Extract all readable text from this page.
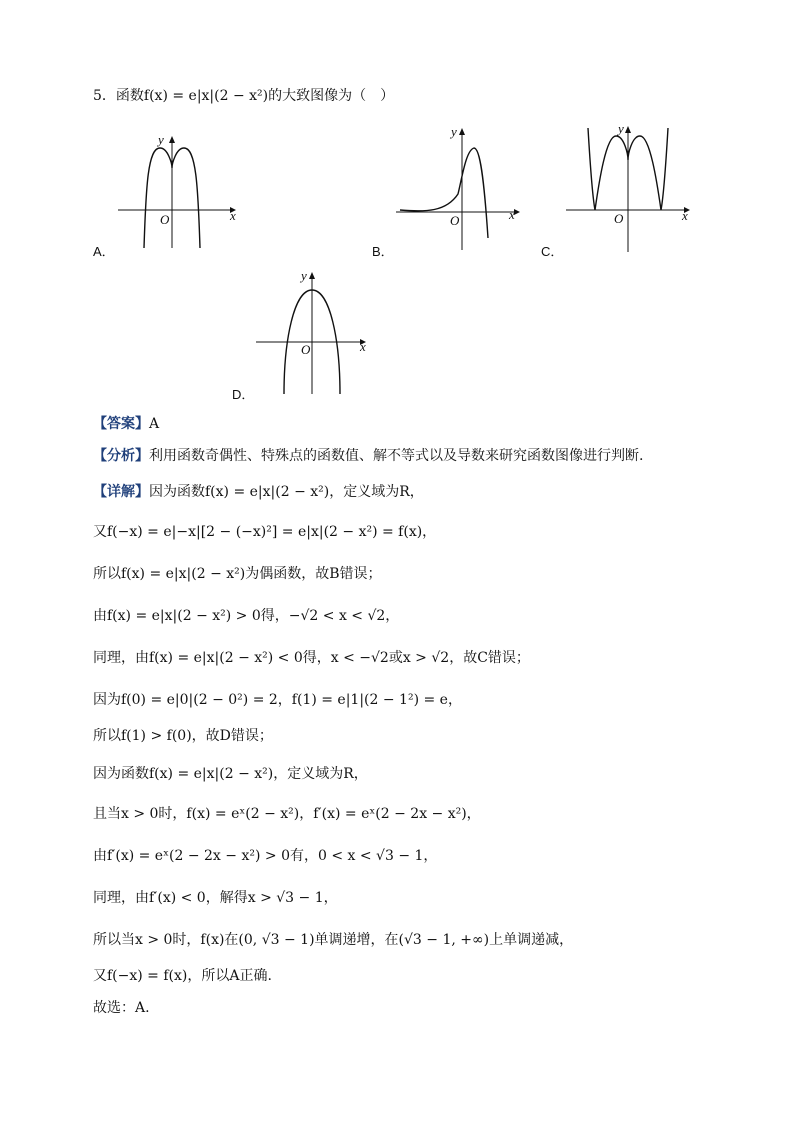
5．函数f(x) = e|x|(2 − x²)的大致图像为（　）
y
O	x
A．
y
O	x
B．
y
O	x
C．
y
O	x
D．
【答案】A
【分析】利用函数奇偶性、特殊点的函数值、解不等式以及导数来研究函数图像进行判断.
【详解】因为函数f(x) = e|x|(2 − x²)，定义域为R，
又f(−x) = e|−x|[2 − (−x)²] = e|x|(2 − x²) = f(x)，
所以f(x) = e|x|(2 − x²)为偶函数，故B错误；
由f(x) = e|x|(2 − x²) > 0得，−√2 < x < √2，
同理，由f(x) = e|x|(2 − x²) < 0得，x < −√2或x > √2，故C错误；
因为f(0) = e|0|(2 − 0²) = 2，f(1) = e|1|(2 − 1²) = e，
所以f(1) > f(0)，故D错误；
因为函数f(x) = e|x|(2 − x²)，定义域为R，
且当x > 0时，f(x) = eˣ(2 − x²)，f′(x) = eˣ(2 − 2x − x²)，
由f′(x) = eˣ(2 − 2x − x²) > 0有，0 < x < √3 − 1，
同理，由f′(x) < 0，解得x > √3 − 1，
所以当x > 0时，f(x)在(0, √3 − 1)单调递增，在(√3 − 1, +∞)上单调递减，
又f(−x) = f(x)，所以A正确.
故选：A.
